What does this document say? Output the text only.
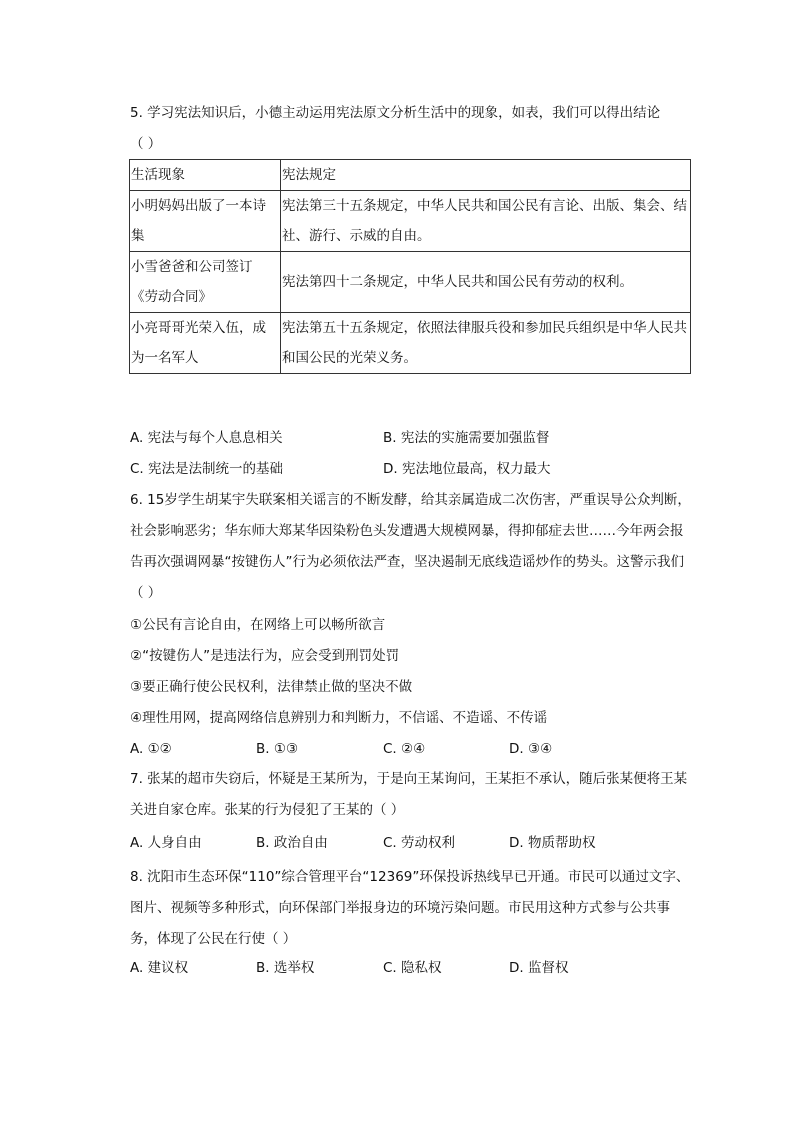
5. 学习宪法知识后，小德主动运用宪法原文分析生活中的现象，如表，我们可以得出结论
（ ）
生活现象	宪法规定
小明妈妈出版了一本诗集	宪法第三十五条规定，中华人民共和国公民有言论、出版、集会、结社、游行、示威的自由。
小雪爸爸和公司签订《劳动合同》	宪法第四十二条规定，中华人民共和国公民有劳动的权利。
小亮哥哥光荣入伍，成为一名军人	宪法第五十五条规定，依照法律服兵役和参加民兵组织是中华人民共和国公民的光荣义务。
A. 宪法与每个人息息相关	B. 宪法的实施需要加强监督
C. 宪法是法制统一的基础	D. 宪法地位最高，权力最大
6. 15岁学生胡某宇失联案相关谣言的不断发酵，给其亲属造成二次伤害，严重误导公众判断，社会影响恶劣；华东师大郑某华因染粉色头发遭遇大规模网暴，得抑郁症去世……今年两会报告再次强调网暴“按键伤人”行为必须依法严查，坚决遏制无底线造谣炒作的势头。这警示我们（ ）
①公民有言论自由，在网络上可以畅所欲言
②“按键伤人”是违法行为，应会受到刑罚处罚
③要正确行使公民权利，法律禁止做的坚决不做
④理性用网，提高网络信息辨别力和判断力，不信谣、不造谣、不传谣
A. ①②	B. ①③	C. ②④	D. ③④
7. 张某的超市失窃后，怀疑是王某所为，于是向王某询问，王某拒不承认，随后张某便将王某关进自家仓库。张某的行为侵犯了王某的（ ）
A. 人身自由	B. 政治自由	C. 劳动权利	D. 物质帮助权
8. 沈阳市生态环保“110”综合管理平台“12369”环保投诉热线早已开通。市民可以通过文字、图片、视频等多种形式，向环保部门举报身边的环境污染问题。市民用这种方式参与公共事务，体现了公民在行使（ ）
A. 建议权	B. 选举权	C. 隐私权	D. 监督权
